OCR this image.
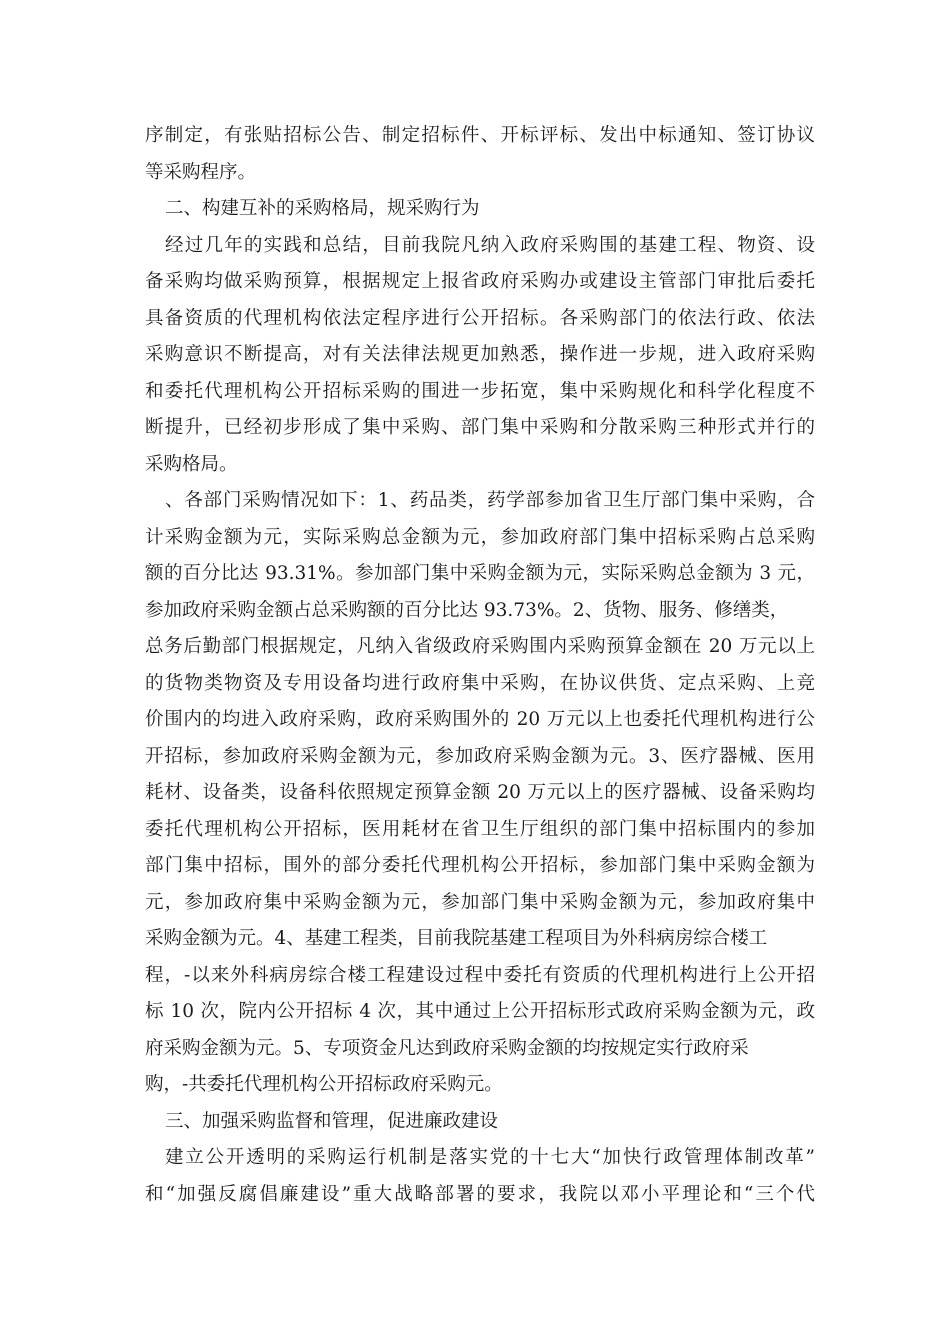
序制定，有张贴招标公告、制定招标件、开标评标、发出中标通知、签订协议
等采购程序。
二、构建互补的采购格局，规采购行为
经过几年的实践和总结，目前我院凡纳入政府采购围的基建工程、物资、设
备采购均做采购预算，根据规定上报省政府采购办或建设主管部门审批后委托
具备资质的代理机构依法定程序进行公开招标。各采购部门的依法行政、依法
采购意识不断提高，对有关法律法规更加熟悉，操作进一步规，进入政府采购
和委托代理机构公开招标采购的围进一步拓宽，集中采购规化和科学化程度不
断提升，已经初步形成了集中采购、部门集中采购和分散采购三种形式并行的
采购格局。
、各部门采购情况如下：1、药品类，药学部参加省卫生厅部门集中采购，合
计采购金额为元，实际采购总金额为元，参加政府部门集中招标采购占总采购
额的百分比达 93.31%。参加部门集中采购金额为元，实际采购总金额为 3 元，
参加政府采购金额占总采购额的百分比达 93.73%。2、货物、服务、修缮类，
总务后勤部门根据规定，凡纳入省级政府采购围内采购预算金额在 20 万元以上
的货物类物资及专用设备均进行政府集中采购，在协议供货、定点采购、上竞
价围内的均进入政府采购，政府采购围外的 20 万元以上也委托代理机构进行公
开招标，参加政府采购金额为元，参加政府采购金额为元。3、医疗器械、医用
耗材、设备类，设备科依照规定预算金额 20 万元以上的医疗器械、设备采购均
委托代理机构公开招标，医用耗材在省卫生厅组织的部门集中招标围内的参加
部门集中招标，围外的部分委托代理机构公开招标，参加部门集中采购金额为
元，参加政府集中采购金额为元，参加部门集中采购金额为元，参加政府集中
采购金额为元。4、基建工程类，目前我院基建工程项目为外科病房综合楼工
程，-以来外科病房综合楼工程建设过程中委托有资质的代理机构进行上公开招
标 10 次，院内公开招标 4 次，其中通过上公开招标形式政府采购金额为元，政
府采购金额为元。5、专项资金凡达到政府采购金额的均按规定实行政府采
购，-共委托代理机构公开招标政府采购元。
三、加强采购监督和管理，促进廉政建设
建立公开透明的采购运行机制是落实党的十七大“加快行政管理体制改革”
和“加强反腐倡廉建设”重大战略部署的要求，我院以邓小平理论和“三个代
